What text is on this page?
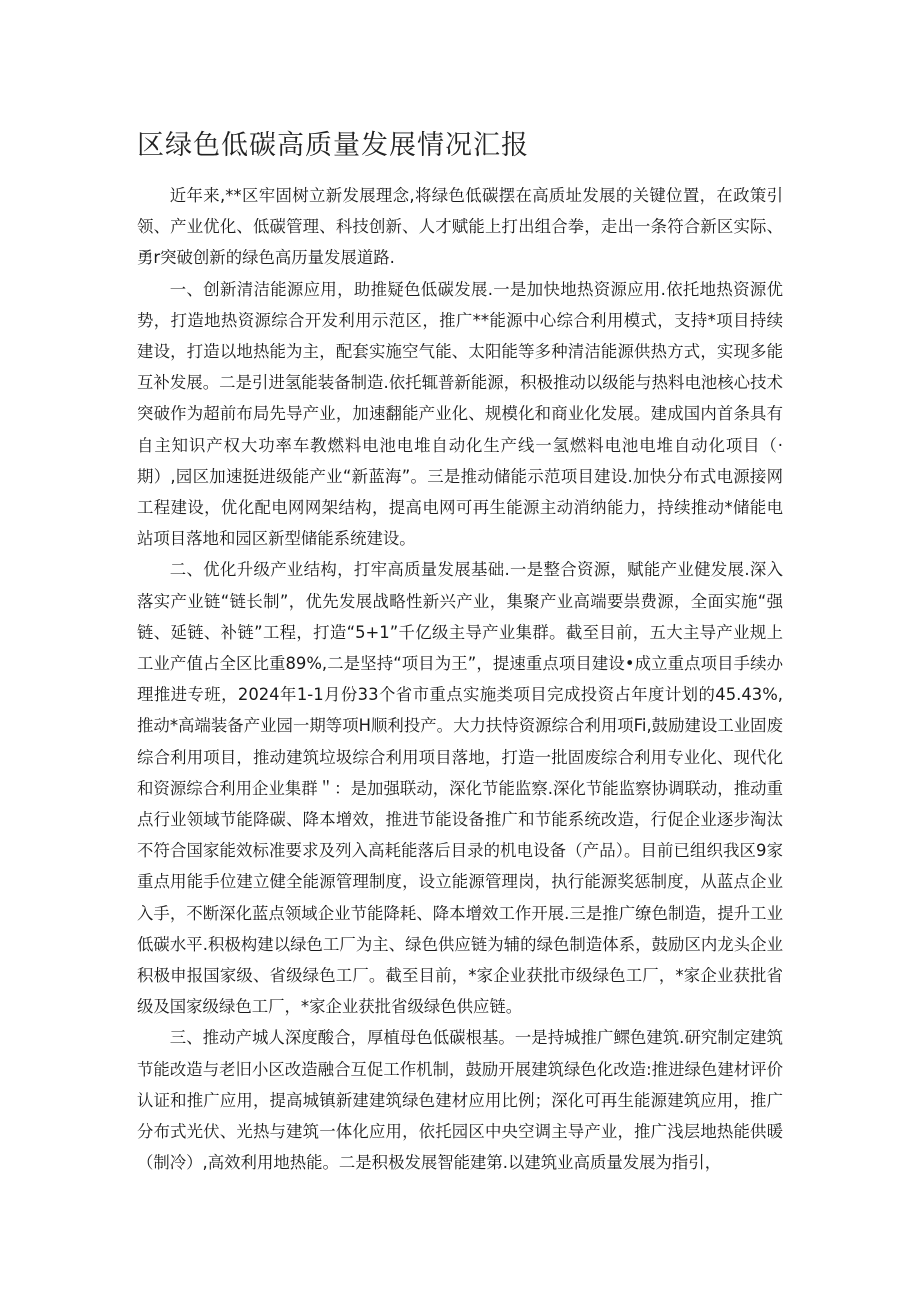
区绿色低碳高质量发展情况汇报

近年来,**区牢固树立新发展理念,将绿色低碳摆在高质址发展的关键位置，在政策引领、产业优化、低碳管理、科技创新、人才赋能上打出组合拳，走出一条符合新区实际、勇r突破创新的绿色高历量发展道路.

一、创新清洁能源应用，助推疑色低碳发展.一是加快地热资源应用.依托地热资源优势，打造地热资源综合开发利用示范区，推广**能源中心综合利用模式，支持*项目持续建设，打造以地热能为主，配套实施空气能、太阳能等多种清洁能源供热方式，实现多能互补发展。二是引进氢能装备制造.依托辄普新能源，积极推动以级能与热料电池核心技术突破作为超前布局先导产业，加速翻能产业化、规模化和商业化发展。建成国内首条具有自主知识产权大功率车教燃料电池电堆自动化生产线一氢燃料电池电堆自动化项目（·期）,园区加速挺进级能产业“新蓝海”。三是推动储能示范项目建设.加快分布式电源接网工程建设，优化配电网网架结构，提高电网可再生能源主动消纳能力，持续推动*储能电站项目落地和园区新型储能系统建设。

二、优化升级产业结构，打牢高质量发展基础.一是整合资源，赋能产业健发展.深入落实产业链“链长制”，优先发展战略性新兴产业，集聚产业高端要祟费源，全面实施“强链、延链、补链”工程，打造“5+1”千亿级主导产业集群。截至目前，五大主导产业规上工业产值占全区比重89%,二是坚持“项目为王”，提速重点项目建设•成立重点项目手续办理推进专班，2024年1-1月份33个省市重点实施类项目完成投资占年度计划的45.43%,推动*高端装备产业园一期等项H顺利投产。大力扶恃资源综合利用项Fi,鼓励建设工业固废综合利用项目，推动建筑垃圾综合利用项目落地，打造一批固废综合利用专业化、现代化和资源综合利用企业集群＂：是加强联动，深化节能监察.深化节能监察协调联动，推动重点行业领域节能降碳、降本增效，推进节能设备推广和节能系统改造，行促企业逐步淘汰不符合国家能效标准要求及列入高耗能落后目录的机电设备（产品）。目前已组织我区9家重点用能手位建立健全能源管理制度，设立能源管理岗，执行能源奖惩制度，从蓝点企业入手，不断深化蓝点领域企业节能降耗、降本增效工作开展.三是推广缭色制造，提升工业低碳水平.积极构建以绿色工厂为主、绿色供应链为辅的绿色制造体系，鼓励区内龙头企业积极申报国家级、省级绿色工厂。截至目前，*家企业获批市级绿色工厂，*家企业获批省级及国家级绿色工厂，*家企业获批省级绿色供应链。

三、推动产城人深度酸合，厚植母色低碳根基。一是持城推广鳏色建筑.研究制定建筑节能改造与老旧小区改造融合互促工作机制，鼓励开展建筑绿色化改造:推进绿色建材评价认证和推广应用，提高城镇新建建筑绿色建材应用比例；深化可再生能源建筑应用，推广分布式光伏、光热与建筑一体化应用，依托园区中央空调主导产业，推广浅层地热能供暖（制冷）,高效利用地热能。二是积极发展智能建第.以建筑业高质量发展为指引，
